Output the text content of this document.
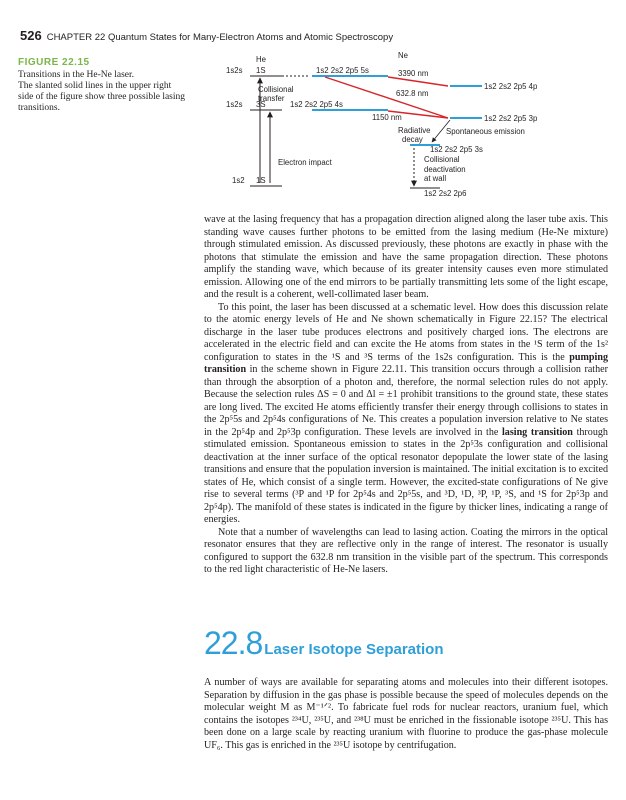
526 CHAPTER 22 Quantum States for Many-Electron Atoms and Atomic Spectroscopy
FIGURE 22.15
Transitions in the He-Ne laser.
The slanted solid lines in the upper right side of the figure show three possible lasing transitions.
He	Ne
3390 nm
1s2s 1S	1s2 2s2 2p5 5s
Collisional
transfer
1s2 2s2 2p5 4p
632.8 nm
1s2s 3S	1s2 2s2 2p5 4s
1150 nm	1s2 2s2 2p5 3p
Radiative
decay
Spontaneous emission
1s2 2s2 2p5 3s
Collisional
deactivation
at wall
Electron impact
1s2 1S
1s2 2s2 2p6

wave at the lasing frequency that has a propagation direction aligned along the laser tube axis. This standing wave causes further photons to be emitted from the lasing medium (He-Ne mixture) through stimulated emission. As discussed previously, these photons are exactly in phase with the photons that stimulate the emission and have the same propagation direction. These photons amplify the standing wave, which because of its greater intensity causes even more stimulated emission. Allowing one of the end mirrors to be partially transmitting lets some of the light escape, and the result is a coherent, well-collimated laser beam.

To this point, the laser has been discussed at a schematic level. How does this discussion relate to the atomic energy levels of He and Ne shown schematically in Figure 22.15? The electrical discharge in the laser tube produces electrons and positively charged ions. The electrons are accelerated in the electric field and can excite the He atoms from states in the ¹S term of the 1s² configuration to states in the ¹S and ³S terms of the 1s2s configuration. This is the pumping transition in the scheme shown in Figure 22.11. This transition occurs through a collision rather than through the absorption of a photon and, therefore, the normal selection rules do not apply. Because the selection rules ΔS = 0 and Δl = ±1 prohibit transitions to the ground state, these states are long lived. The excited He atoms efficiently transfer their energy through collisions to states in the 2p⁵5s and 2p⁵4s configurations of Ne. This creates a population inversion relative to Ne states in the 2p⁵4p and 2p⁵3p configuration. These levels are involved in the lasing transition through stimulated emission. Spontaneous emission to states in the 2p⁵3s configuration and collisional deactivation at the inner surface of the optical resonator depopulate the lower state of the lasing transitions and ensure that the population inversion is maintained. The initial excitation is to excited states of He, which consist of a single term. However, the excited-state configurations of Ne give rise to several terms (³P and ¹P for 2p⁵4s and 2p⁵5s, and ³D, ¹D, ³P, ¹P, ³S, and ¹S for 2p⁵3p and 2p⁵4p). The manifold of these states is indicated in the figure by thicker lines, indicating a range of energies.

Note that a number of wavelengths can lead to lasing action. Coating the mirrors in the optical resonator ensures that they are reflective only in the range of interest. The resonator is usually configured to support the 632.8 nm transition in the visible part of the spectrum. This corresponds to the red light characteristic of He-Ne lasers.

22.8 Laser Isotope Separation

A number of ways are available for separating atoms and molecules into their different isotopes. Separation by diffusion in the gas phase is possible because the speed of molecules depends on the molecular weight M as M⁻¹ᐟ². To fabricate fuel rods for nuclear reactors, uranium fuel, which contains the isotopes ²³⁴U, ²³⁵U, and ²³⁸U must be enriched in the fissionable isotope ²³⁵U. This has been done on a large scale by reacting uranium with fluorine to produce the gas-phase molecule UF₆. This gas is enriched in the ²³⁵U isotope by centrifugation.
